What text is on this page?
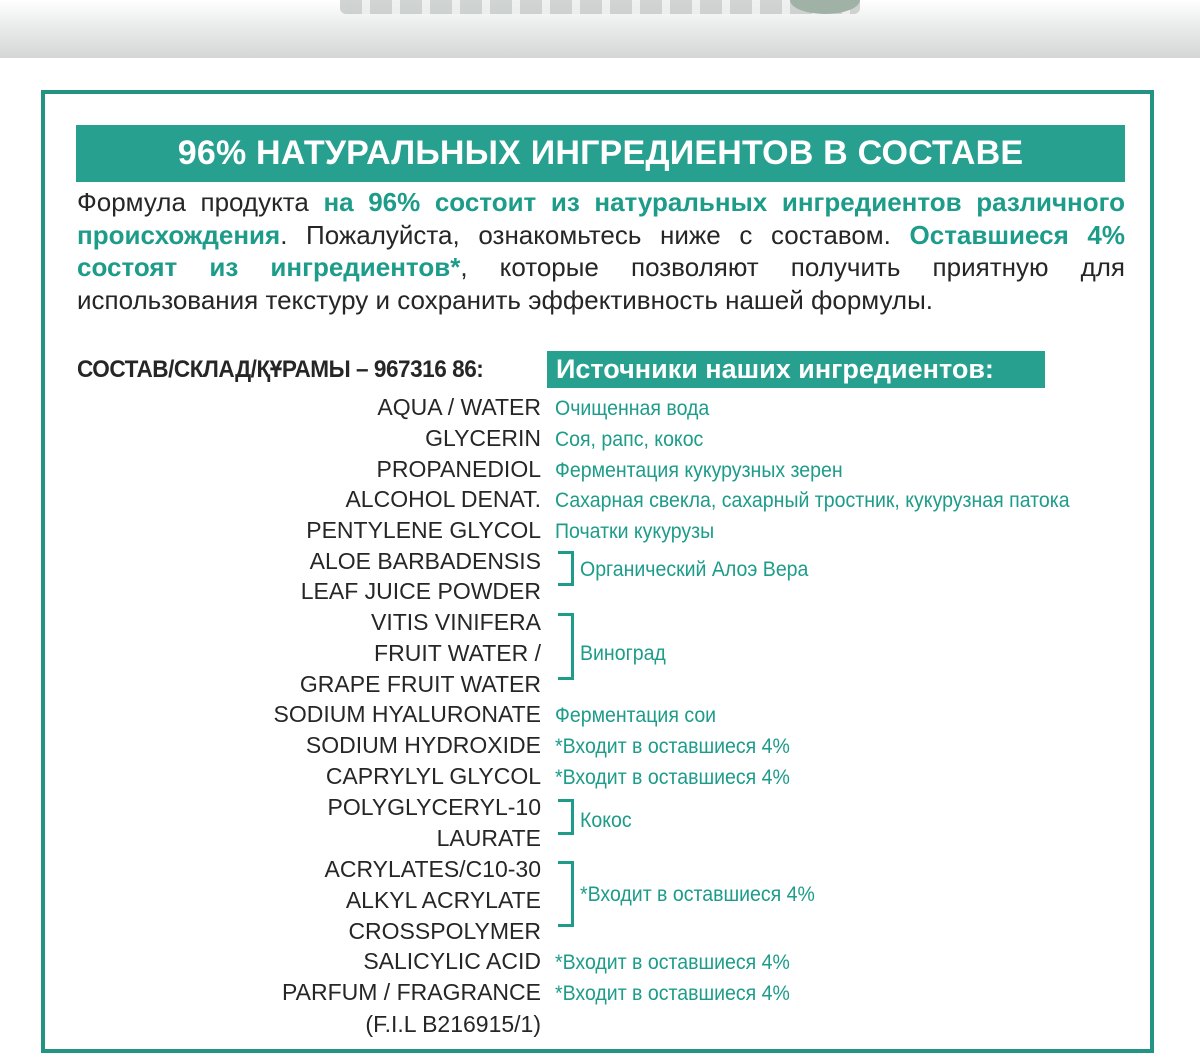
96% НАТУРАЛЬНЫХ ИНГРЕДИЕНТОВ В СОСТАВЕ
Формула продукта на 96% состоит из натуральных ингредиентов различного происхождения. Пожалуйста, ознакомьтесь ниже с составом. Оставшиеся 4% состоят из ингредиентов*, которые позволяют получить приятную для использования текстуру и сохранить эффективность нашей формулы.
СОСТАВ/СКЛАД/ҚҰРАМЫ – 967316 86:	Источники наших ингредиентов:
AQUA / WATER
GLYCERIN
PROPANEDIOL
ALCOHOL DENAT.
PENTYLENE GLYCOL
ALOE BARBADENSIS
LEAF JUICE POWDER
VITIS VINIFERA
FRUIT WATER /
GRAPE FRUIT WATER
SODIUM HYALURONATE
SODIUM HYDROXIDE
CAPRYLYL GLYCOL
POLYGLYCERYL-10
LAURATE
ACRYLATES/C10-30
ALKYL ACRYLATE
CROSSPOLYMER
SALICYLIC ACID
PARFUM / FRAGRANCE
(F.I.L B216915/1)
Очищенная вода
Соя, рапс, кокос
Ферментация кукурузных зерен
Сахарная свекла, сахарный тростник, кукурузная патока
Початки кукурузы
Органический Алоэ Вера
Виноград
Ферментация сои
*Входит в оставшиеся 4%
*Входит в оставшиеся 4%
Кокос
*Входит в оставшиеся 4%
*Входит в оставшиеся 4%
*Входит в оставшиеся 4%
